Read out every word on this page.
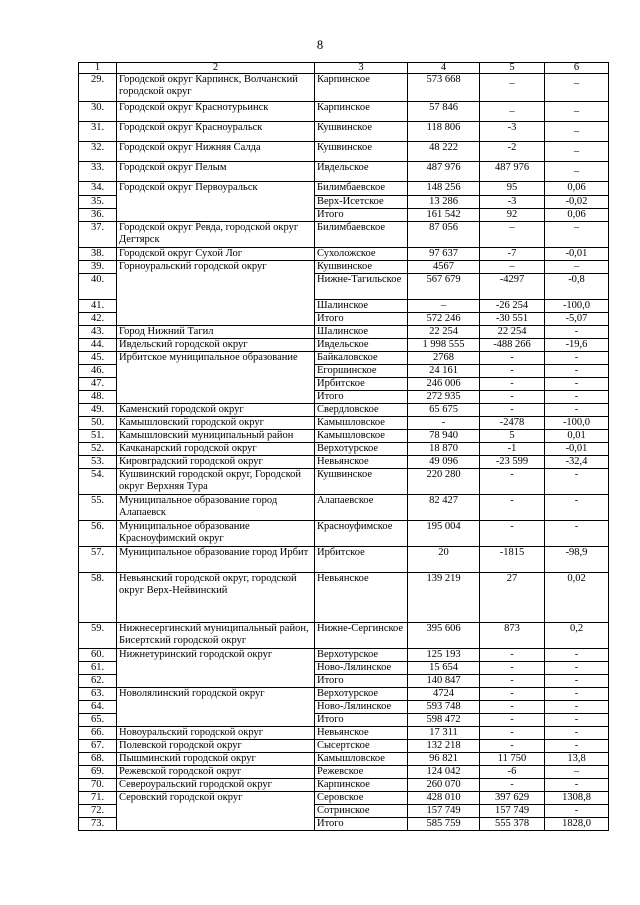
8
1	2	3	4	5	6
29.	Городской округ Карпинск, Волчанский городской округ	Карпинское	573 668	_	_
30.	Городской округ Краснотурьинск	Карпинское	57 846	_	_
31.	Городской округ Красноуральск	Кушвинское	118 806	-3	_
32.	Городской округ Нижняя Салда	Кушвинское	48 222	-2	_
33.	Городской округ Пелым	Ивдельское	487 976	487 976	_
34.	Городской округ Первоуральск	Билимбаевское	148 256	95	0,06
35.		Верх-Исетское	13 286	-3	-0,02
36.		Итого	161 542	92	0,06
37.	Городской округ Ревда, городской округ Дегтярск	Билимбаевское	87 056	–	–
38.	Городской округ Сухой Лог	Сухоложское	97 637	-7	-0,01
39.	Горноуральский городской округ	Кушвинское	4567	–	–
40.		Нижне-Тагильское	567 679	-4297	-0,8
41.		Шалинское	–	-26 254	-100,0
42.		Итого	572 246	-30 551	-5,07
43.	Город Нижний Тагил	Шалинское	22 254	22 254	-
44.	Ивдельский городской округ	Ивдельское	1 998 555	-488 266	-19,6
45.	Ирбитское муниципальное образование	Байкаловское	2768	-	-
46.		Егоршинское	24 161	-	-
47.		Ирбитское	246 006	-	-
48.		Итого	272 935	-	-
49.	Каменский городской округ	Свердловское	65 675	-	-
50.	Камышловский городской округ	Камышловское	-	-2478	-100,0
51.	Камышловский муниципальный район	Камышловское	78 940	5	0,01
52.	Качканарский городской округ	Верхотурское	18 870	-1	-0,01
53.	Кировградский городской округ	Невьянское	49 096	-23 599	-32,4
54.	Кушвинский городской округ, Городской округ Верхняя Тура	Кушвинское	220 280	-	-
55.	Муниципальное образование город Алапаевск	Алапаевское	82 427	-	-
56.	Муниципальное образование Красноуфимский округ	Красноуфимское	195 004	-	-
57.	Муниципальное образование город Ирбит	Ирбитское	20	-1815	-98,9
58.	Невьянский городской округ, городской округ Верх-Нейвинский	Невьянское	139 219	27	0,02
59.	Нижнесергинский муниципальный район, Бисертский городской округ	Нижне-Сергинское	395 606	873	0,2
60.	Нижнетуринский городской округ	Верхотурское	125 193	-	-
61.		Ново-Лялинское	15 654	-	-
62.		Итого	140 847	-	-
63.	Новолялинский городской округ	Верхотурское	4724	-	-
64.		Ново-Лялинское	593 748	-	-
65.		Итого	598 472	-	-
66.	Новоуральский городской округ	Невьянское	17 311	-	-
67.	Полевской городской округ	Сысертское	132 218	-	-
68.	Пышминский городской округ	Камышловское	96 821	11 750	13,8
69.	Режевской городской округ	Режевское	124 042	-6	–
70.	Североуральский городской округ	Карпинское	260 070	-	-
71.	Серовский городской округ	Серовское	428 010	397 629	1308,8
72.		Сотринское	157 749	157 749	-
73.		Итого	585 759	555 378	1828,0
